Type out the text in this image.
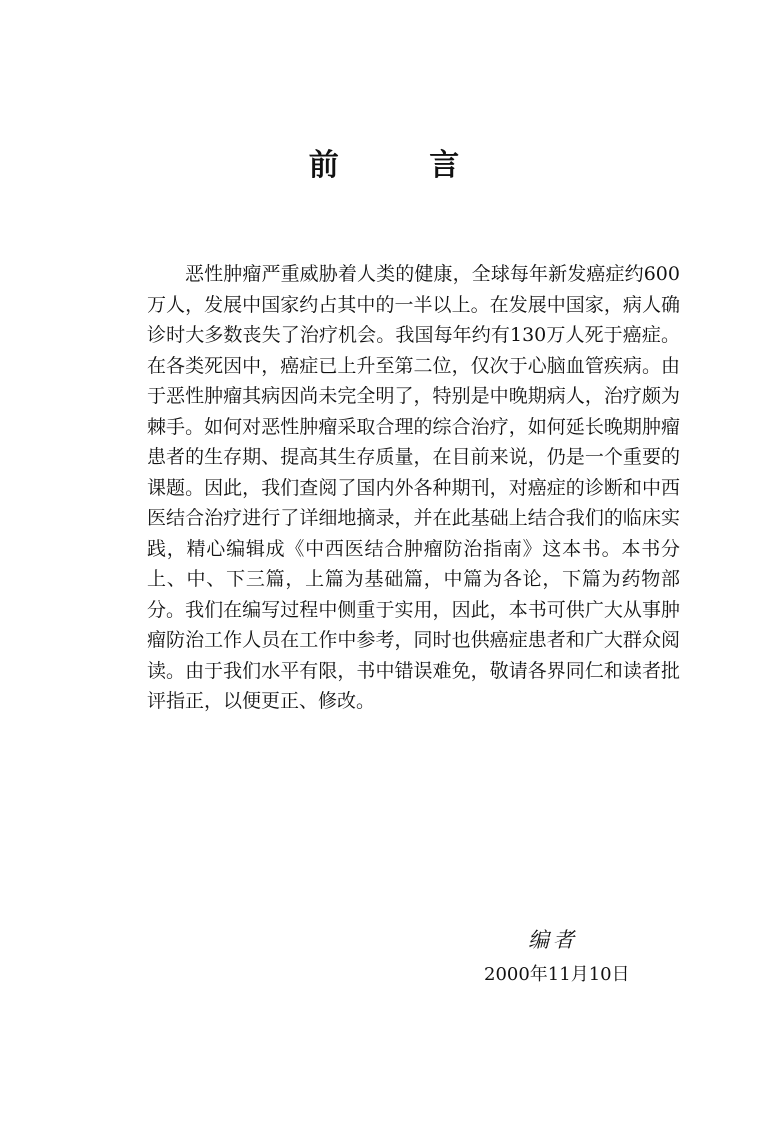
前 言
恶性肿瘤严重威胁着人类的健康，全球每年新发癌症约600
万人，发展中国家约占其中的一半以上。在发展中国家，病人确
诊时大多数丧失了治疗机会。我国每年约有130万人死于癌症。
在各类死因中，癌症已上升至第二位，仅次于心脑血管疾病。由
于恶性肿瘤其病因尚未完全明了，特别是中晚期病人，治疗颇为
棘手。如何对恶性肿瘤采取合理的综合治疗，如何延长晚期肿瘤
患者的生存期、提高其生存质量，在目前来说，仍是一个重要的
课题。因此，我们查阅了国内外各种期刊，对癌症的诊断和中西
医结合治疗进行了详细地摘录，并在此基础上结合我们的临床实
践，精心编辑成《中西医结合肿瘤防治指南》这本书。本书分
上、中、下三篇，上篇为基础篇，中篇为各论，下篇为药物部
分。我们在编写过程中侧重于实用，因此，本书可供广大从事肿
瘤防治工作人员在工作中参考，同时也供癌症患者和广大群众阅
读。由于我们水平有限，书中错误难免，敬请各界同仁和读者批
评指正，以便更正、修改。
编者
2000年11月10日
